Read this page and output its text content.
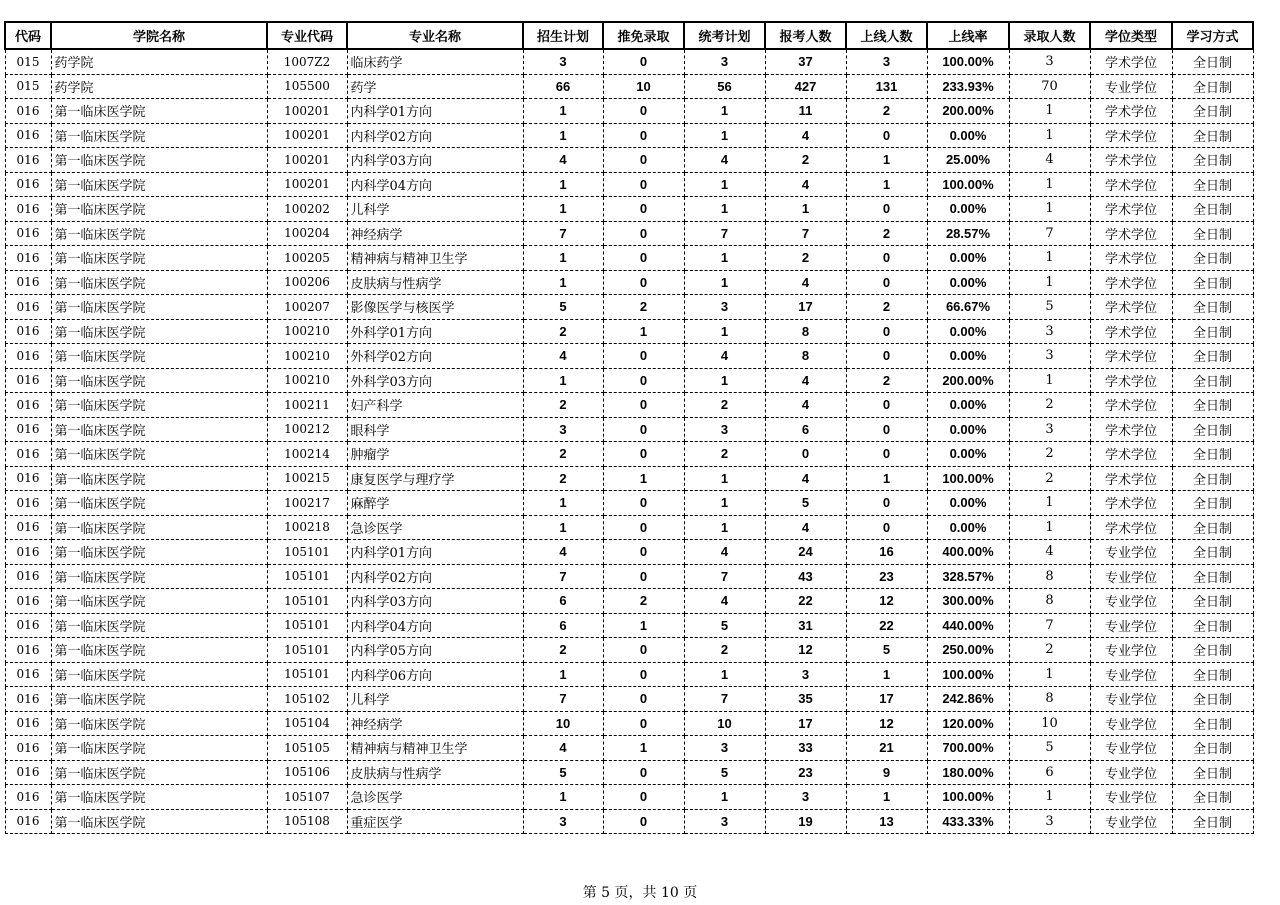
代码	学院名称	专业代码	专业名称	招生计划	推免录取	统考计划	报考人数	上线人数	上线率	录取人数	学位类型	学习方式
015	药学院	1007Z2	临床药学	3	0	3	37	3	100.00%	3	学术学位	全日制
015	药学院	105500	药学	66	10	56	427	131	233.93%	70	专业学位	全日制
016	第一临床医学院	100201	内科学01方向	1	0	1	11	2	200.00%	1	学术学位	全日制
016	第一临床医学院	100201	内科学02方向	1	0	1	4	0	0.00%	1	学术学位	全日制
016	第一临床医学院	100201	内科学03方向	4	0	4	2	1	25.00%	4	学术学位	全日制
016	第一临床医学院	100201	内科学04方向	1	0	1	4	1	100.00%	1	学术学位	全日制
016	第一临床医学院	100202	儿科学	1	0	1	1	0	0.00%	1	学术学位	全日制
016	第一临床医学院	100204	神经病学	7	0	7	7	2	28.57%	7	学术学位	全日制
016	第一临床医学院	100205	精神病与精神卫生学	1	0	1	2	0	0.00%	1	学术学位	全日制
016	第一临床医学院	100206	皮肤病与性病学	1	0	1	4	0	0.00%	1	学术学位	全日制
016	第一临床医学院	100207	影像医学与核医学	5	2	3	17	2	66.67%	5	学术学位	全日制
016	第一临床医学院	100210	外科学01方向	2	1	1	8	0	0.00%	3	学术学位	全日制
016	第一临床医学院	100210	外科学02方向	4	0	4	8	0	0.00%	3	学术学位	全日制
016	第一临床医学院	100210	外科学03方向	1	0	1	4	2	200.00%	1	学术学位	全日制
016	第一临床医学院	100211	妇产科学	2	0	2	4	0	0.00%	2	学术学位	全日制
016	第一临床医学院	100212	眼科学	3	0	3	6	0	0.00%	3	学术学位	全日制
016	第一临床医学院	100214	肿瘤学	2	0	2	0	0	0.00%	2	学术学位	全日制
016	第一临床医学院	100215	康复医学与理疗学	2	1	1	4	1	100.00%	2	学术学位	全日制
016	第一临床医学院	100217	麻醉学	1	0	1	5	0	0.00%	1	学术学位	全日制
016	第一临床医学院	100218	急诊医学	1	0	1	4	0	0.00%	1	学术学位	全日制
016	第一临床医学院	105101	内科学01方向	4	0	4	24	16	400.00%	4	专业学位	全日制
016	第一临床医学院	105101	内科学02方向	7	0	7	43	23	328.57%	8	专业学位	全日制
016	第一临床医学院	105101	内科学03方向	6	2	4	22	12	300.00%	8	专业学位	全日制
016	第一临床医学院	105101	内科学04方向	6	1	5	31	22	440.00%	7	专业学位	全日制
016	第一临床医学院	105101	内科学05方向	2	0	2	12	5	250.00%	2	专业学位	全日制
016	第一临床医学院	105101	内科学06方向	1	0	1	3	1	100.00%	1	专业学位	全日制
016	第一临床医学院	105102	儿科学	7	0	7	35	17	242.86%	8	专业学位	全日制
016	第一临床医学院	105104	神经病学	10	0	10	17	12	120.00%	10	专业学位	全日制
016	第一临床医学院	105105	精神病与精神卫生学	4	1	3	33	21	700.00%	5	专业学位	全日制
016	第一临床医学院	105106	皮肤病与性病学	5	0	5	23	9	180.00%	6	专业学位	全日制
016	第一临床医学院	105107	急诊医学	1	0	1	3	1	100.00%	1	专业学位	全日制
016	第一临床医学院	105108	重症医学	3	0	3	19	13	433.33%	3	专业学位	全日制
第 5 页，共 10 页
